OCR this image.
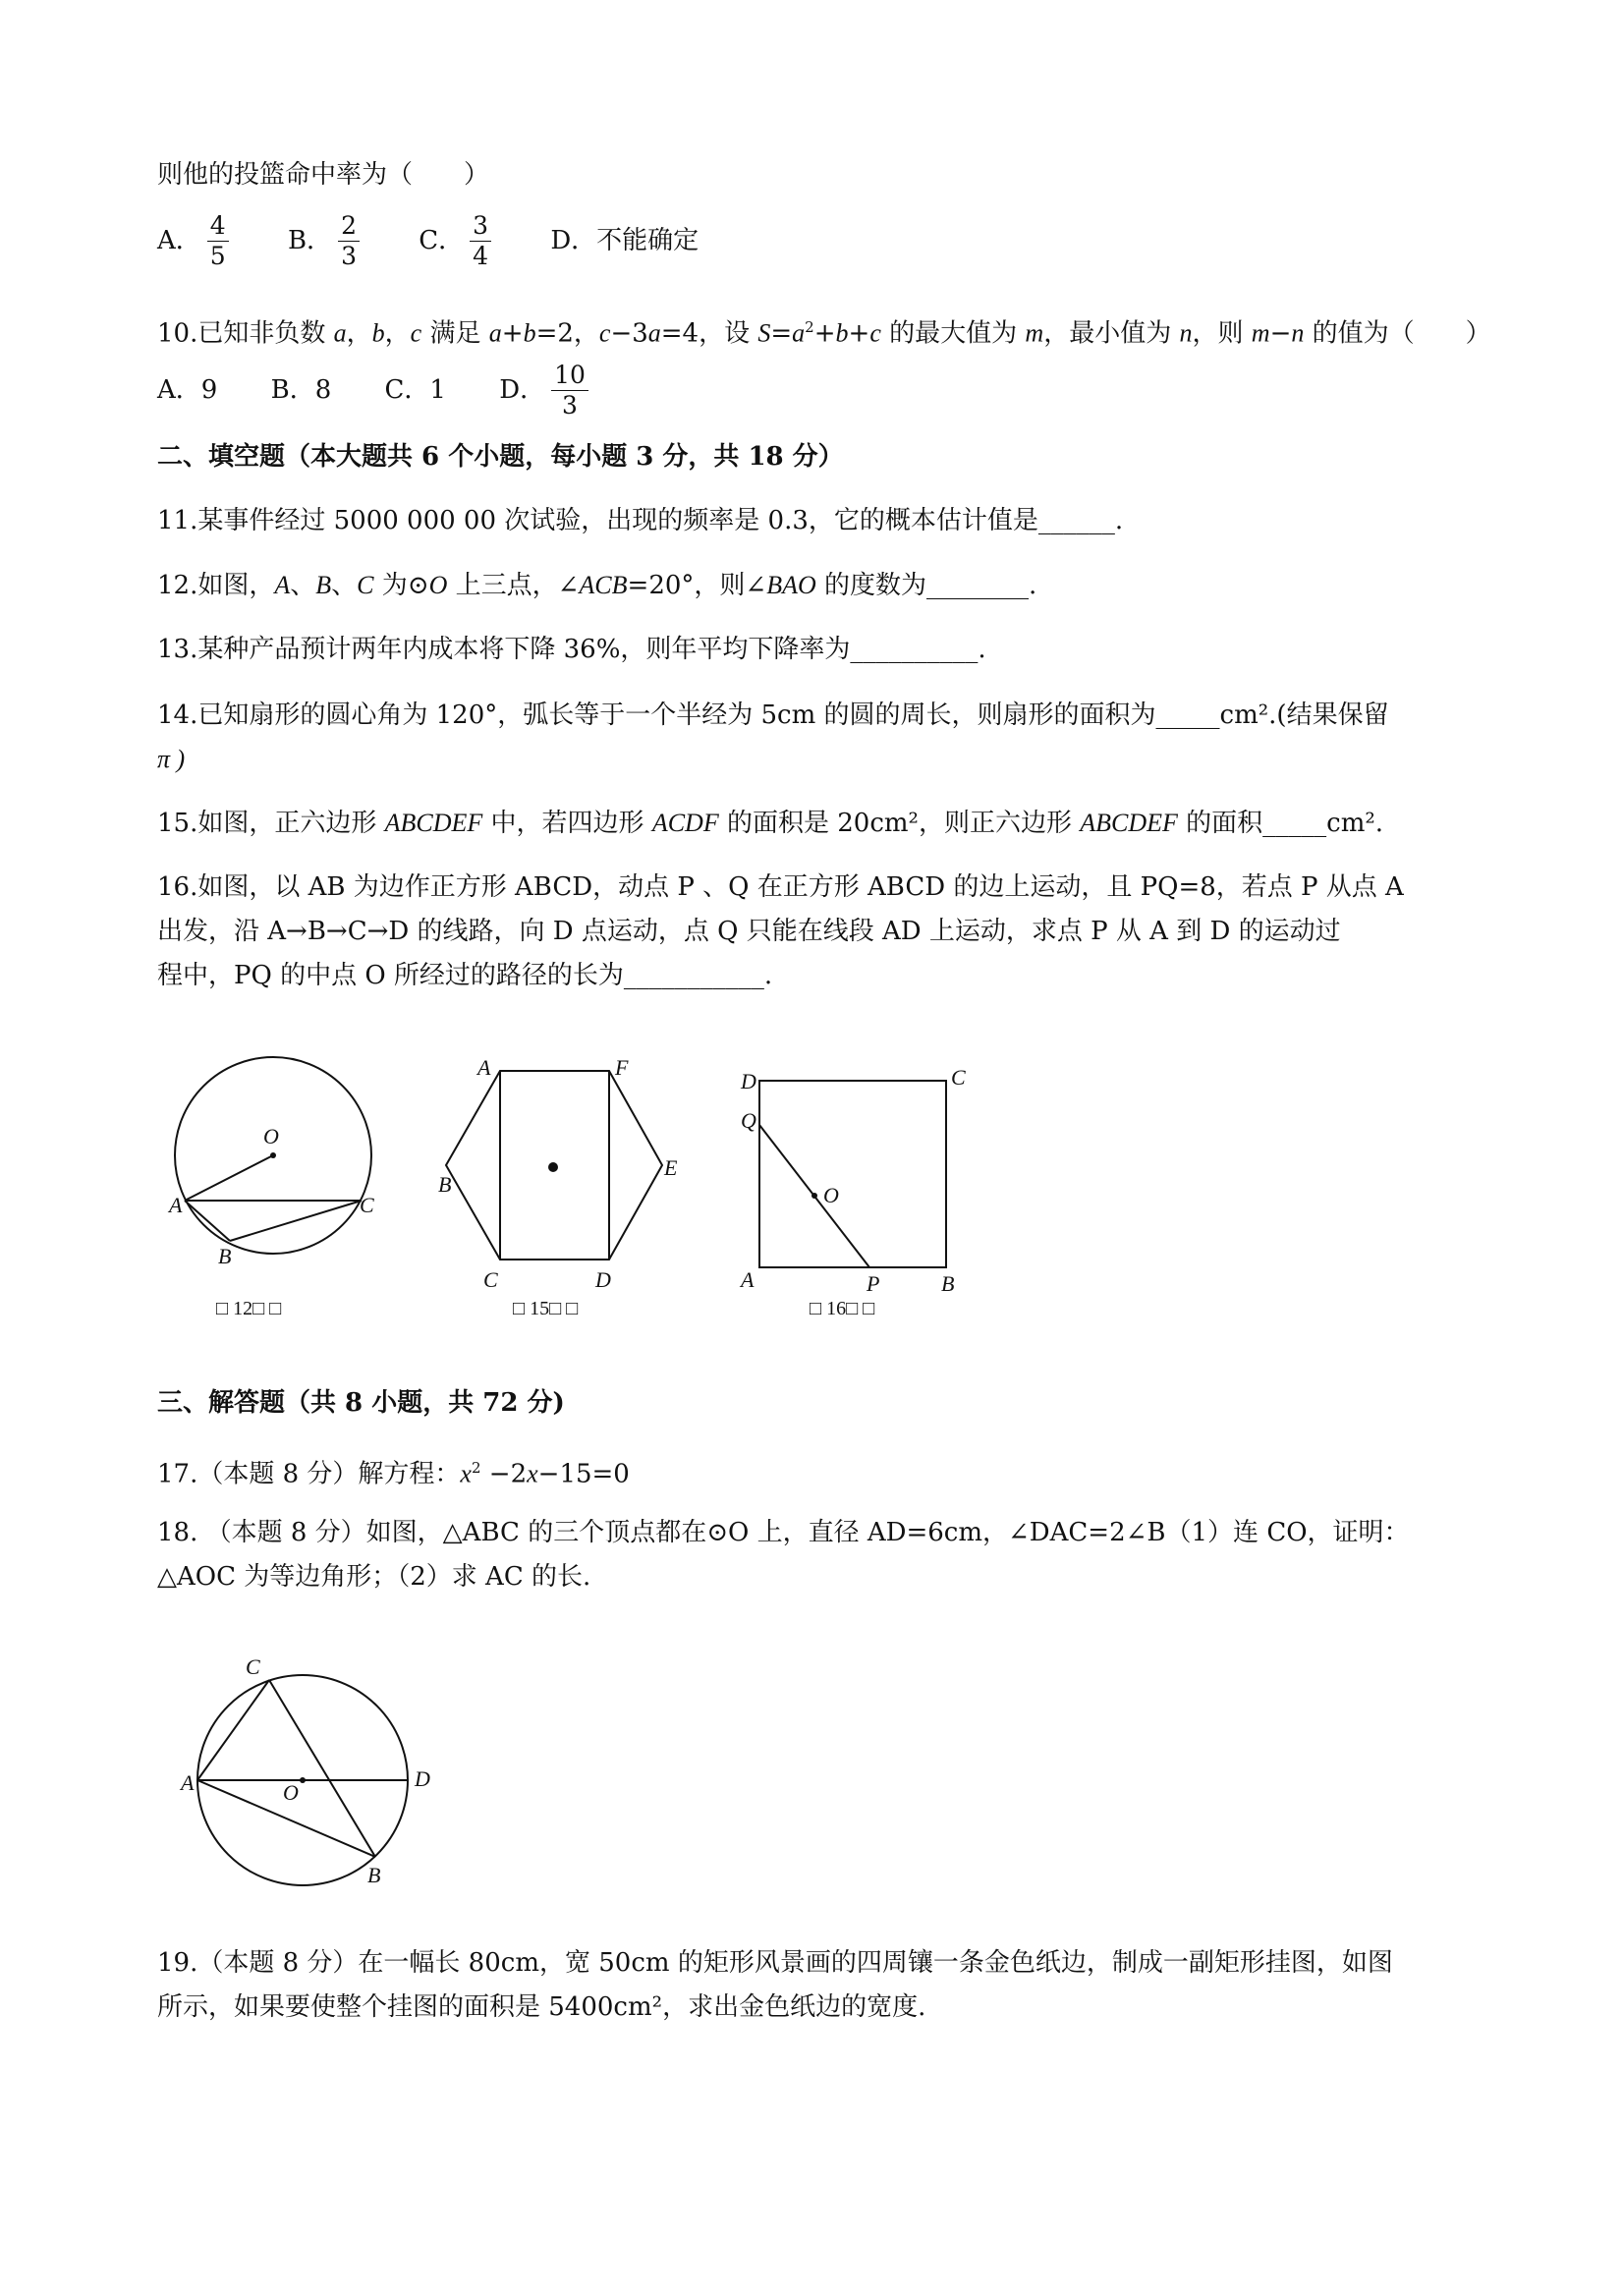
则他的投篮命中率为（　　）
A． $\frac{4}{5}$
B． $\frac{2}{3}$
C． $\frac{3}{4}$
D． 不能确定
10.已知非负数 a，b，c 满足 a+b=2，c−3a=4，设 $S=a^2+b+c$ 的最大值为 m，最小值为 n，则 m−n 的值为（　　）
A． 9
B． 8
C． 1
D． $\frac{10}{3}$
二、填空题（本大题共 6 个小题，每小题 3 分，共 18 分）
11.某事件经过 5000 000 00 次试验，出现的频率是 0.3，它的概本估计值是______.
12.如图，A、B、C 为⊙O 上三点，∠ACB=20°，则∠BAO 的度数为________.
13.某种产品预计两年内成本将下降 36%，则年平均下降率为__________.
14.已知扇形的圆心角为 120°，弧长等于一个半经为 5cm 的圆的周长，则扇形的面积为_____cm².(结果保留
π )
15.如图，正六边形 ABCDEF 中，若四边形 ACDF 的面积是 20cm²，则正六边形 ABCDEF 的面积_____cm².
16.如图，以 AB 为边作正方形 ABCD，动点 P 、Q 在正方形 ABCD 的边上运动，且 PQ=8，若点 P 从点 A
出发，沿 A→B→C→D 的线路，向 D 点运动，点 Q 只能在线段 AD 上运动，求点 P 从 A 到 D 的运动过
程中，PQ 的中点 O 所经过的路径的长为___________.
O
A
B
C
□ 12□ □
A	F
B
E
C	D
□ 15□ □
D	C
Q
O
A	P	B
□ 16□ □
三、解答题（共 8 小题，共 72 分)
17.（本题 8 分）解方程：$x^2 -2x-15=0$
18. （本题 8 分）如图，△ABC 的三个顶点都在⊙O 上，直径 AD=6cm，∠DAC=2∠B（1）连 CO，证明：
△AOC 为等边角形；（2）求 AC 的长.
C
A	O
D
B
19.（本题 8 分）在一幅长 80cm，宽 50cm 的矩形风景画的四周镶一条金色纸边，制成一副矩形挂图，如图
所示，如果要使整个挂图的面积是 5400cm²，求出金色纸边的宽度.
